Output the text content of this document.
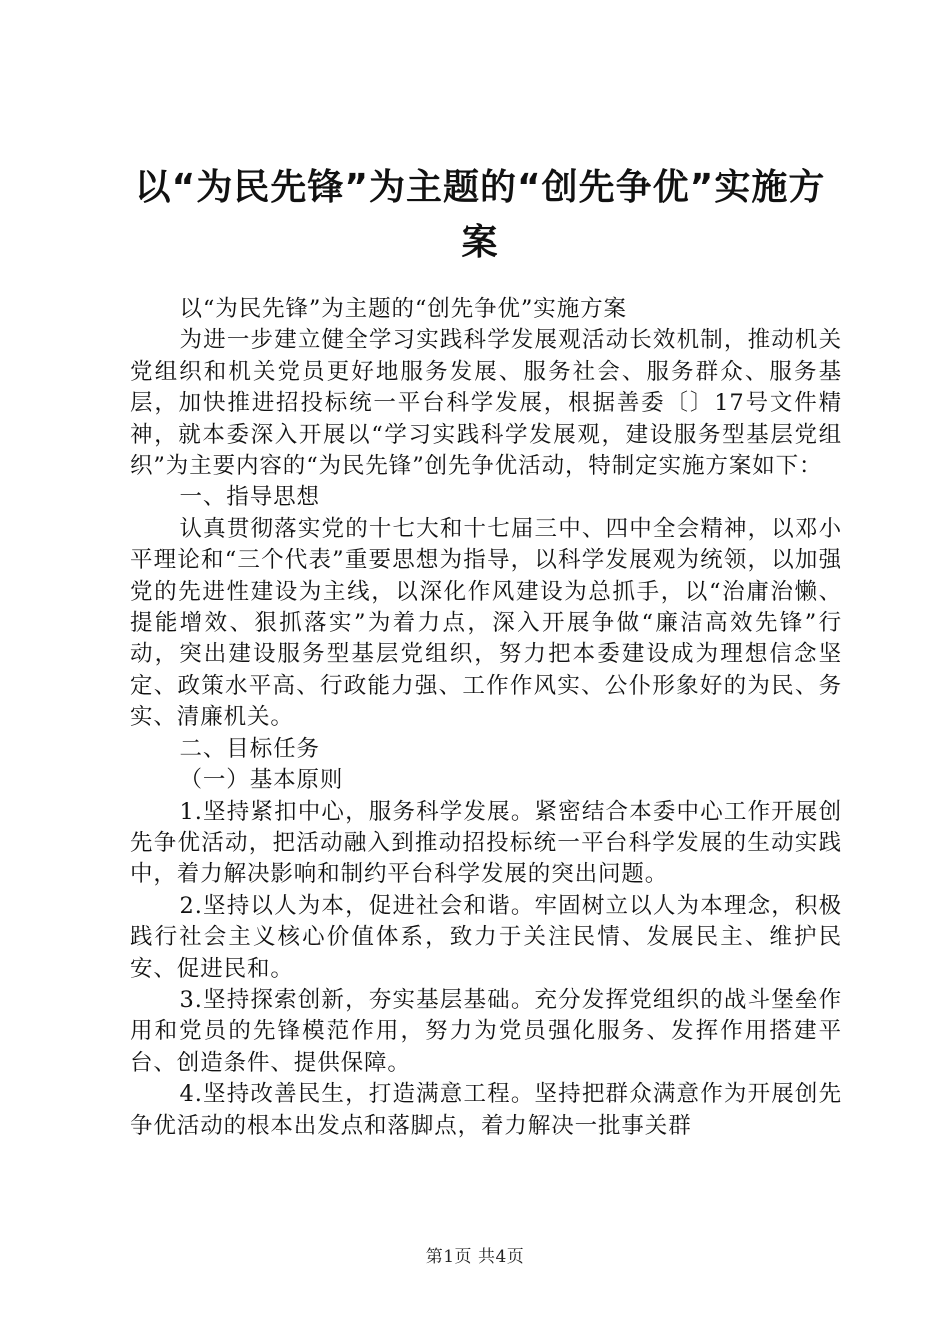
以“为民先锋”为主题的“创先争优”实施方
案

以“为民先锋”为主题的“创先争优”实施方案

为进一步建立健全学习实践科学发展观活动长效机制，推动机关党组织和机关党员更好地服务发展、服务社会、服务群众、服务基层，加快推进招投标统一平台科学发展，根据善委〔〕17号文件精神，就本委深入开展以“学习实践科学发展观，建设服务型基层党组织”为主要内容的“为民先锋”创先争优活动，特制定实施方案如下：

一、指导思想

认真贯彻落实党的十七大和十七届三中、四中全会精神，以邓小平理论和“三个代表”重要思想为指导，以科学发展观为统领，以加强党的先进性建设为主线，以深化作风建设为总抓手，以“治庸治懒、提能增效、狠抓落实”为着力点，深入开展争做“廉洁高效先锋”行动，突出建设服务型基层党组织，努力把本委建设成为理想信念坚定、政策水平高、行政能力强、工作作风实、公仆形象好的为民、务实、清廉机关。

二、目标任务

（一）基本原则

1.坚持紧扣中心，服务科学发展。紧密结合本委中心工作开展创先争优活动，把活动融入到推动招投标统一平台科学发展的生动实践中，着力解决影响和制约平台科学发展的突出问题。

2.坚持以人为本，促进社会和谐。牢固树立以人为本理念，积极践行社会主义核心价值体系，致力于关注民情、发展民主、维护民安、促进民和。

3.坚持探索创新，夯实基层基础。充分发挥党组织的战斗堡垒作用和党员的先锋模范作用，努力为党员强化服务、发挥作用搭建平台、创造条件、提供保障。

4.坚持改善民生，打造满意工程。坚持把群众满意作为开展创先争优活动的根本出发点和落脚点，着力解决一批事关群

第1页 共4页
